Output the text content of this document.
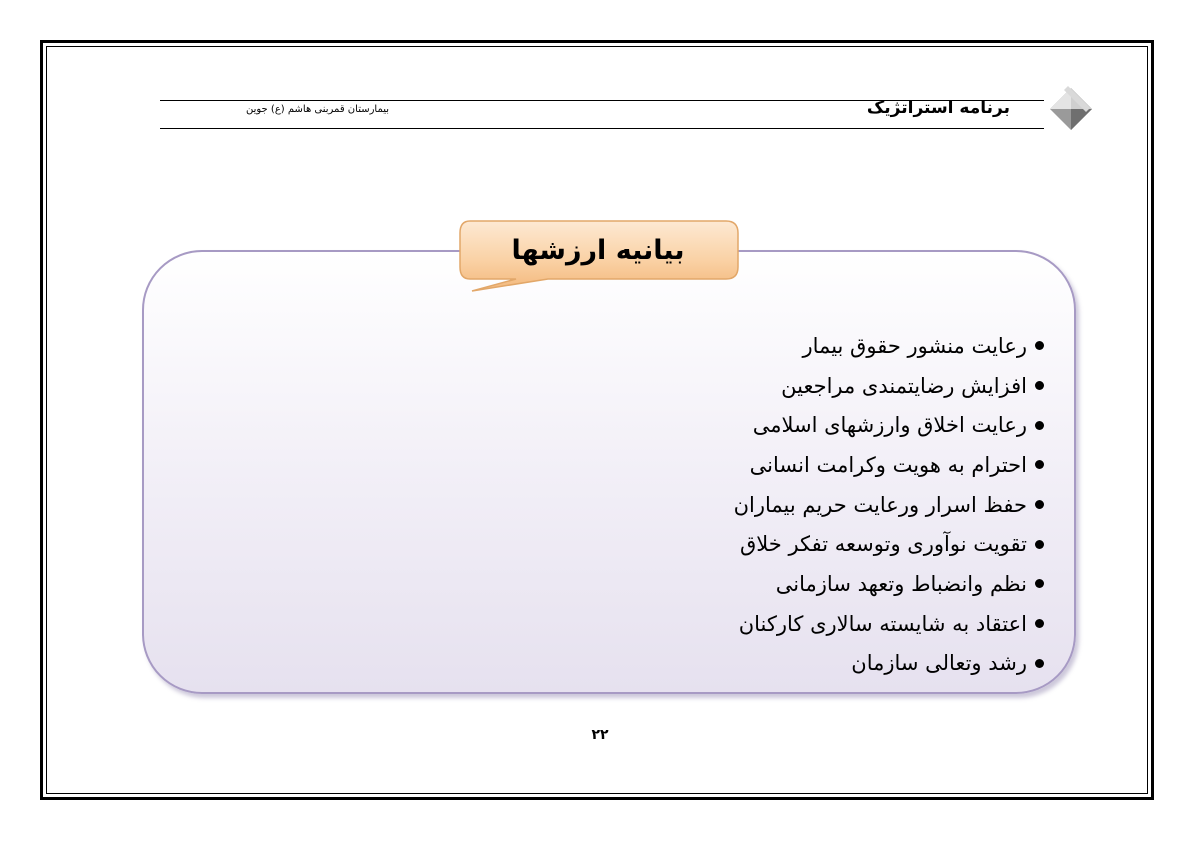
برنامه استراتژیک
بیمارستان قمربنی هاشم (ع) جوین
بیانیه ارزشها
رعایت منشور حقوق بیمار
افزایش رضایتمندی مراجعین
رعایت اخلاق وارزشهای اسلامی
احترام به هویت وکرامت انسانی
حفظ اسرار ورعایت حریم بیماران
تقویت نوآوری وتوسعه تفکر خلاق
نظم وانضباط وتعهد سازمانی
اعتقاد به شایسته سالاری کارکنان
رشد وتعالی سازمان
۲۲
